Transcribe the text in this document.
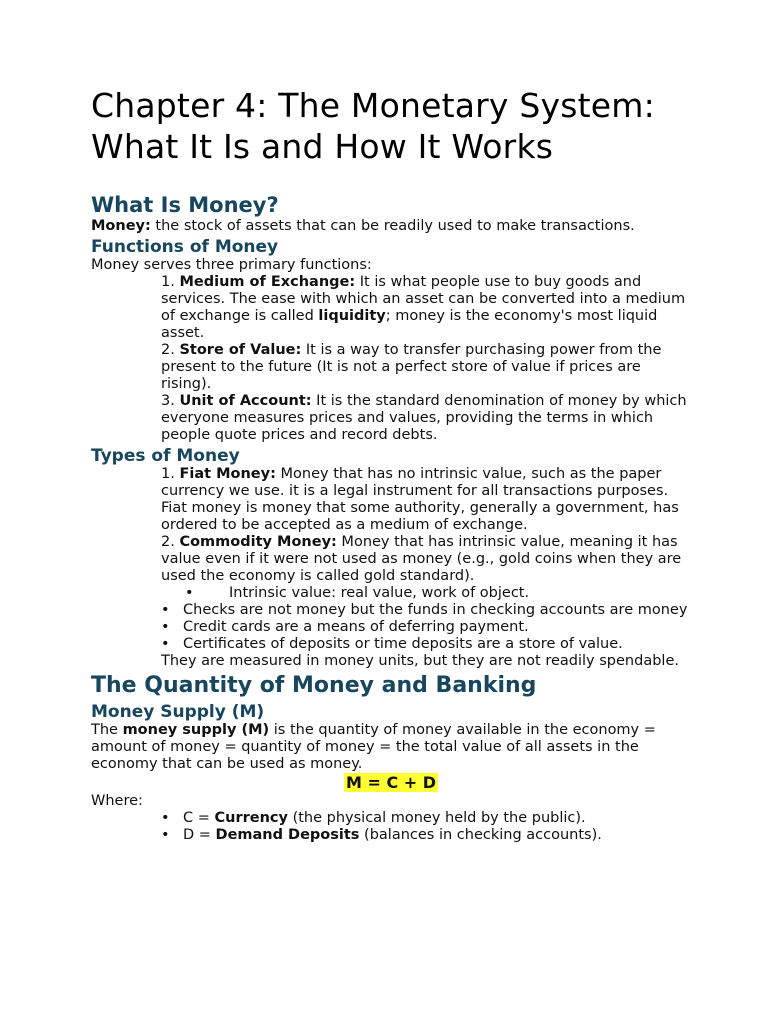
Chapter 4: The Monetary System: What It Is and How It Works
What Is Money?

Money: the stock of assets that can be readily used to make transactions.

Functions of Money

Money serves three primary functions:

1. Medium of Exchange: It is what people use to buy goods and services. The ease with which an asset can be converted into a medium of exchange is called liquidity; money is the economy's most liquid asset.

2. Store of Value: It is a way to transfer purchasing power from the present to the future (It is not a perfect store of value if prices are rising).

3. Unit of Account: It is the standard denomination of money by which everyone measures prices and values, providing the terms in which people quote prices and record debts.

Types of Money

1. Fiat Money: Money that has no intrinsic value, such as the paper currency we use. it is a legal instrument for all transactions purposes. Fiat money is money that some authority, generally a government, has ordered to be accepted as a medium of exchange.

2. Commodity Money: Money that has intrinsic value, meaning it has value even if it were not used as money (e.g., gold coins when they are used the economy is called gold standard).

• Intrinsic value: real value, work of object.

• Checks are not money but the funds in checking accounts are money

• Credit cards are a means of deferring payment.

• Certificates of deposits or time deposits are a store of value.

They are measured in money units, but they are not readily spendable.

The Quantity of Money and Banking
Money Supply (M)

The money supply (M) is the quantity of money available in the economy = amount of money = quantity of money = the total value of all assets in the economy that can be used as money.

M = C + D

Where:

• C = Currency (the physical money held by the public).

• D = Demand Deposits (balances in checking accounts).
